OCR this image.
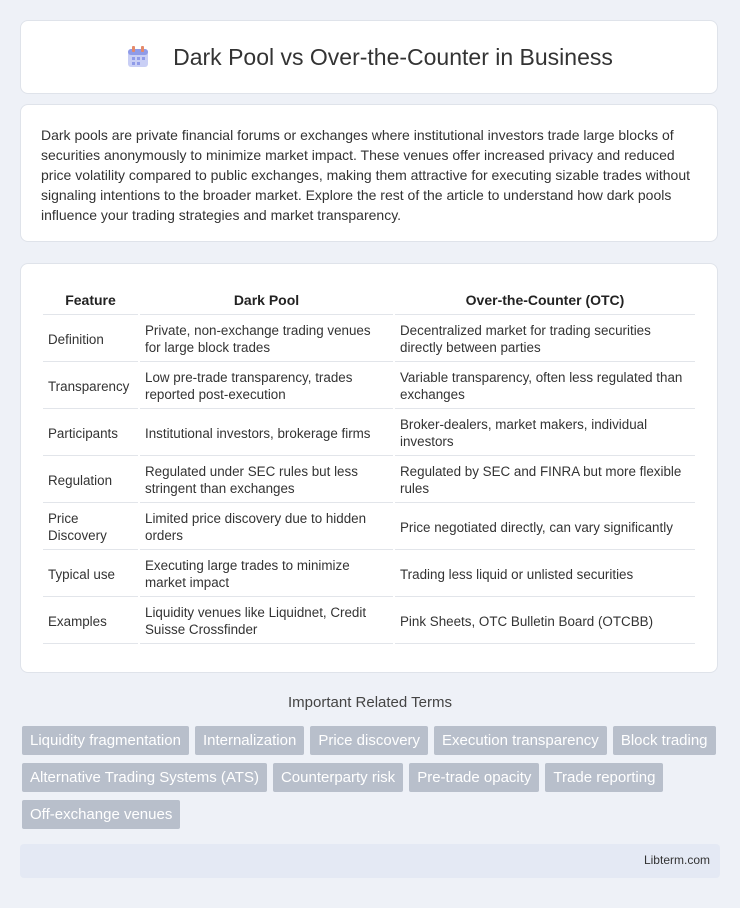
Dark Pool vs Over-the-Counter in Business

Dark pools are private financial forums or exchanges where institutional investors trade large blocks of securities anonymously to minimize market impact. These venues offer increased privacy and reduced price volatility compared to public exchanges, making them attractive for executing sizable trades without signaling intentions to the broader market. Explore the rest of the article to understand how dark pools influence your trading strategies and market transparency.

Feature	Dark Pool	Over-the-Counter (OTC)
Definition	Private, non-exchange trading venues for large block trades	Decentralized market for trading securities directly between parties
Transparency	Low pre-trade transparency, trades reported post-execution	Variable transparency, often less regulated than exchanges
Participants	Institutional investors, brokerage firms	Broker-dealers, market makers, individual investors
Regulation	Regulated under SEC rules but less stringent than exchanges	Regulated by SEC and FINRA but more flexible rules
Price Discovery	Limited price discovery due to hidden orders	Price negotiated directly, can vary significantly
Typical use	Executing large trades to minimize market impact	Trading less liquid or unlisted securities
Examples	Liquidity venues like Liquidnet, Credit Suisse Crossfinder	Pink Sheets, OTC Bulletin Board (OTCBB)
Important Related Terms
Liquidity fragmentation	Internalization	Price discovery	Execution transparency	Block trading
Alternative Trading Systems (ATS)	Counterparty risk	Pre-trade opacity	Trade reporting
Off-exchange venues
Libterm.com
